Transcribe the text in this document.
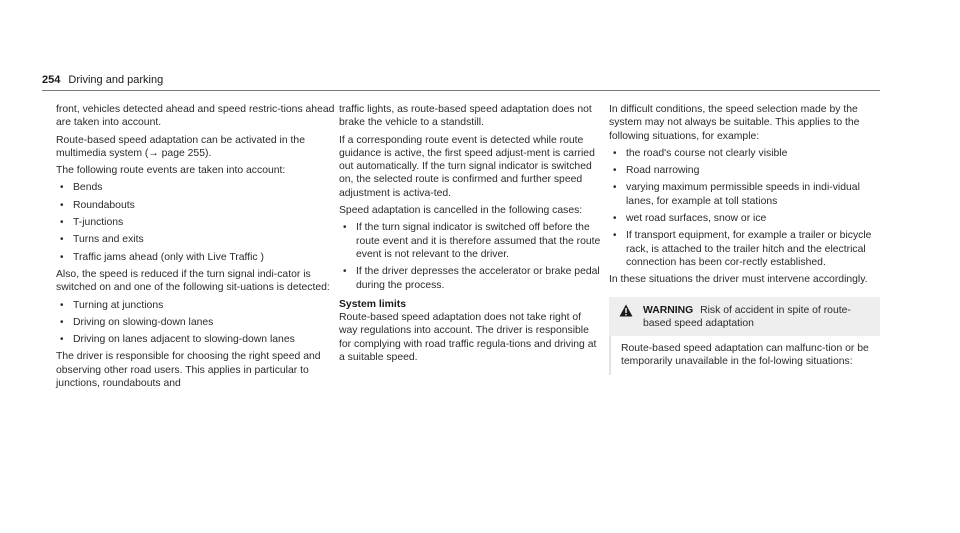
254 Driving and parking

front, vehicles detected ahead and speed restric-tions ahead are taken into account.

Route-based speed adaptation can be activated in the multimedia system (→ page 255).

The following route events are taken into account:

• Bends
• Roundabouts
• T-junctions
• Turns and exits
• Traffic jams ahead (only with Live Traffic )

Also, the speed is reduced if the turn signal indi-cator is switched on and one of the following sit-uations is detected:

• Turning at junctions
• Driving on slowing-down lanes
• Driving on lanes adjacent to slowing-down lanes

The driver is responsible for choosing the right speed and observing other road users. This applies in particular to junctions, roundabouts and

traffic lights, as route-based speed adaptation does not brake the vehicle to a standstill.

If a corresponding route event is detected while route guidance is active, the first speed adjust-ment is carried out automatically. If the turn signal indicator is switched on, the selected route is confirmed and further speed adjustment is activa-ted.

Speed adaptation is cancelled in the following cases:

• If the turn signal indicator is switched off before the route event and it is therefore assumed that the route event is not relevant to the driver.
• If the driver depresses the accelerator or brake pedal during the process.
System limits

Route-based speed adaptation does not take right of way regulations into account. The driver is responsible for complying with road traffic regula-tions and driving at a suitable speed.

In difficult conditions, the speed selection made by the system may not always be suitable. This applies to the following situations, for example:

• the road's course not clearly visible
• Road narrowing
• varying maximum permissible speeds in indi-vidual lanes, for example at toll stations
• wet road surfaces, snow or ice
• If transport equipment, for example a trailer or bicycle rack, is attached to the trailer hitch and the electrical connection has been cor-rectly established.

In these situations the driver must intervene accordingly.

WARNING Risk of accident in spite of route-based speed adaptation
Route-based speed adaptation can malfunc-tion or be temporarily unavailable in the fol-lowing situations:
